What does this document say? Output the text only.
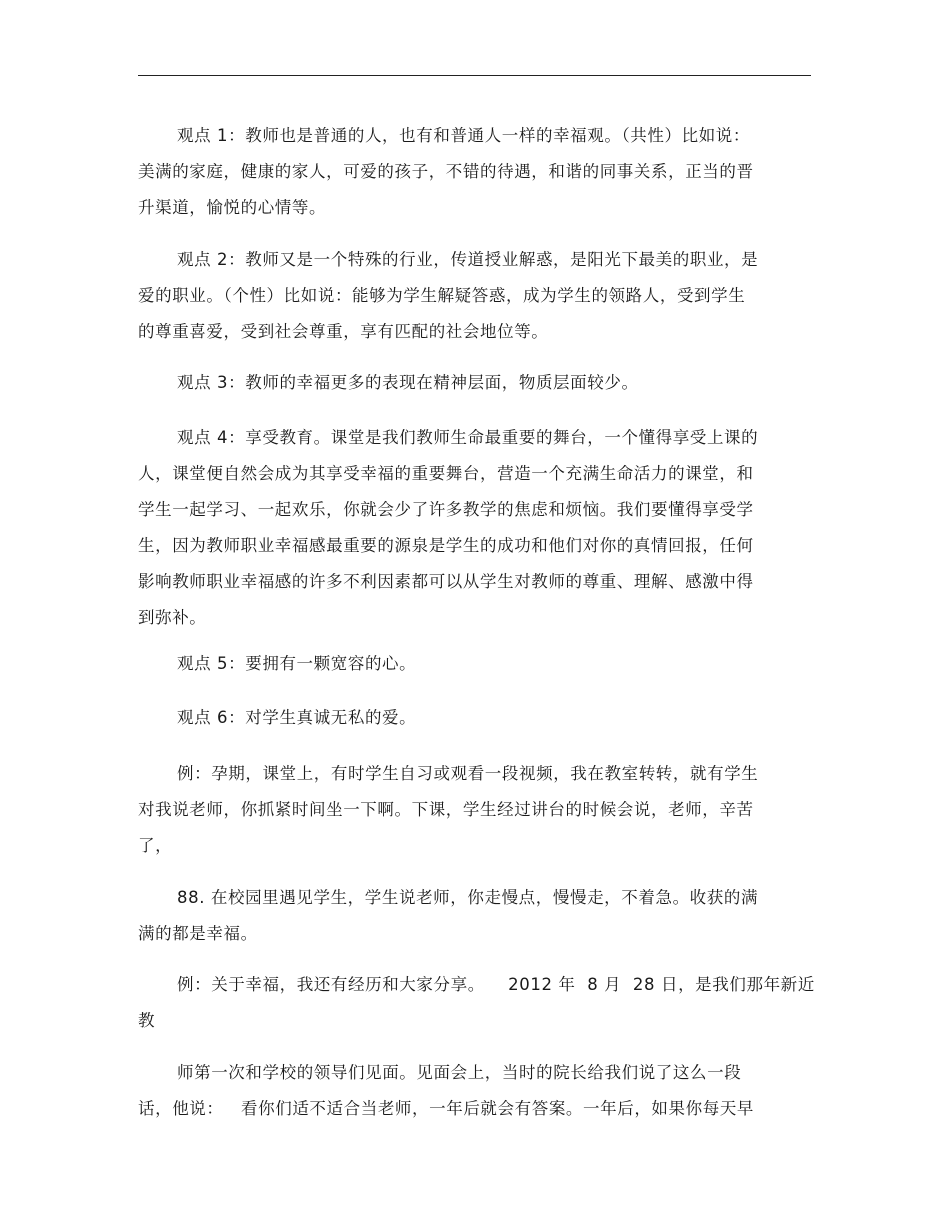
观点 1：教师也是普通的人，也有和普通人一样的幸福观。（共性）比如说：
美满的家庭，健康的家人，可爱的孩子，不错的待遇，和谐的同事关系，正当的晋
升渠道，愉悦的心情等。
观点 2：教师又是一个特殊的行业，传道授业解惑，是阳光下最美的职业，是
爱的职业。（个性）比如说：能够为学生解疑答惑，成为学生的领路人，受到学生
的尊重喜爱，受到社会尊重，享有匹配的社会地位等。
观点 3：教师的幸福更多的表现在精神层面，物质层面较少。
观点 4：享受教育。课堂是我们教师生命最重要的舞台，一个懂得享受上课的
人，课堂便自然会成为其享受幸福的重要舞台，营造一个充满生命活力的课堂，和
学生一起学习、一起欢乐，你就会少了许多教学的焦虑和烦恼。我们要懂得享受学
生，因为教师职业幸福感最重要的源泉是学生的成功和他们对你的真情回报，任何
影响教师职业幸福感的许多不利因素都可以从学生对教师的尊重、理解、感激中得
到弥补。
观点 5：要拥有一颗宽容的心。
观点 6：对学生真诚无私的爱。
例：孕期，课堂上，有时学生自习或观看一段视频，我在教室转转，就有学生
对我说老师，你抓紧时间坐一下啊。下课，学生经过讲台的时候会说，老师，辛苦
了，
88. 在校园里遇见学生，学生说老师，你走慢点，慢慢走，不着急。收获的满
满的都是幸福。
例：关于幸福，我还有经历和大家分享。    2012 年  8 月  28 日，是我们那年新近
教
师第一次和学校的领导们见面。见面会上，当时的院长给我们说了这么一段
话，他说：   看你们适不适合当老师，一年后就会有答案。一年后，如果你每天早
